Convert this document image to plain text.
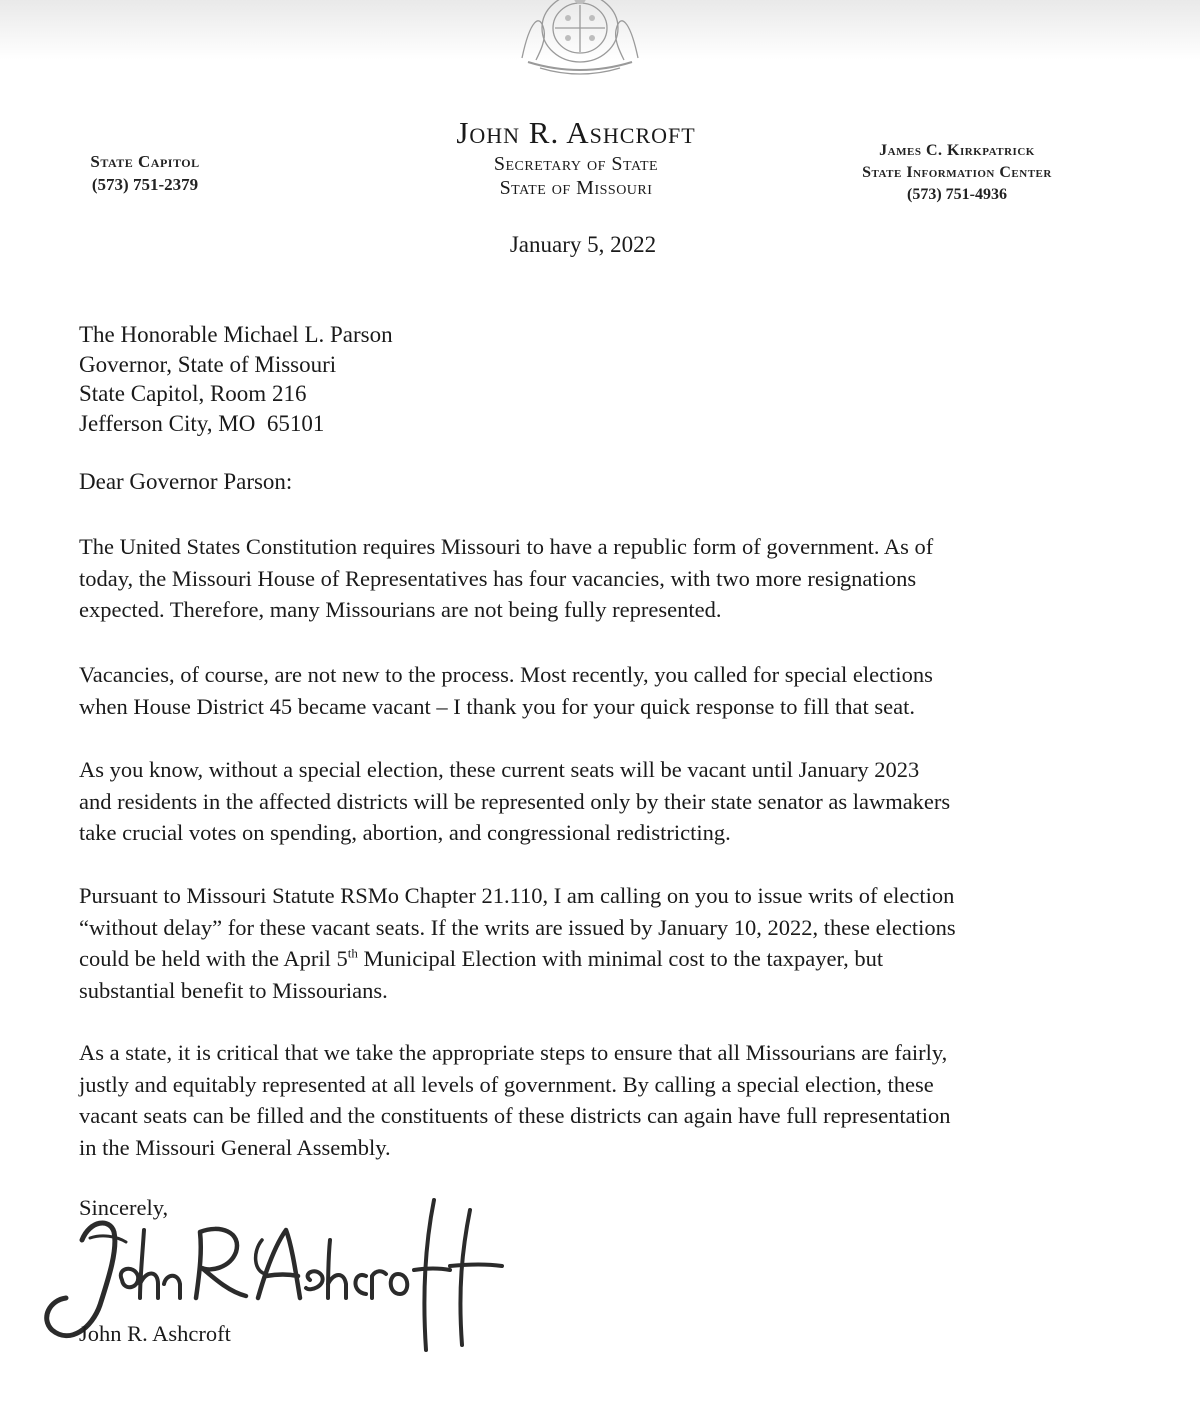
State Capitol
(573) 751-2379
John R. Ashcroft
Secretary of State
State of Missouri
James C. Kirkpatrick
State Information Center
(573) 751-4936
January 5, 2022
The Honorable Michael L. Parson
Governor, State of Missouri
State Capitol, Room 216
Jefferson City, MO  65101
Dear Governor Parson:

The United States Constitution requires Missouri to have a republic form of government. As of
today, the Missouri House of Representatives has four vacancies, with two more resignations
expected. Therefore, many Missourians are not being fully represented.

Vacancies, of course, are not new to the process. Most recently, you called for special elections
when House District 45 became vacant – I thank you for your quick response to fill that seat.

As you know, without a special election, these current seats will be vacant until January 2023
and residents in the affected districts will be represented only by their state senator as lawmakers
take crucial votes on spending, abortion, and congressional redistricting.

Pursuant to Missouri Statute RSMo Chapter 21.110, I am calling on you to issue writs of election
“without delay” for these vacant seats. If the writs are issued by January 10, 2022, these elections
could be held with the April 5th Municipal Election with minimal cost to the taxpayer, but
substantial benefit to Missourians.

As a state, it is critical that we take the appropriate steps to ensure that all Missourians are fairly,
justly and equitably represented at all levels of government. By calling a special election, these
vacant seats can be filled and the constituents of these districts can again have full representation
in the Missouri General Assembly.

Sincerely,
John R. Ashcroft
